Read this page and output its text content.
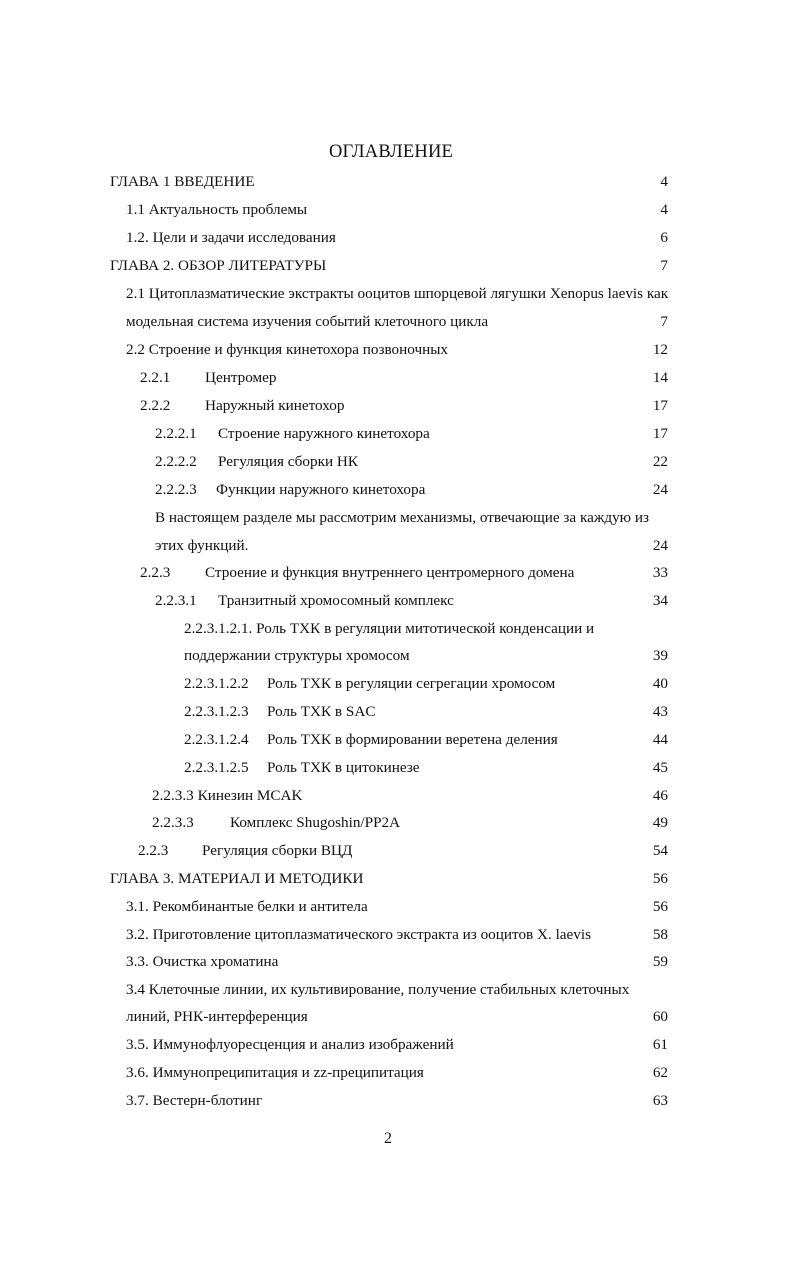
ОГЛАВЛЕНИЕ
ГЛАВА 1 ВВЕДЕНИЕ	4
1.1 Актуальность проблемы	4
1.2. Цели и задачи исследования	6
ГЛАВА 2. ОБЗОР ЛИТЕРАТУРЫ	7
2.1 Цитоплазматические экстракты ооцитов шпорцевой лягушки Xenopus laevis как
модельная система изучения событий клеточного цикла	7
2.2 Строение и функция кинетохора позвоночных	12
2.2.1 Центромер	14
2.2.2 Наружный кинетохор	17
2.2.2.1 Строение наружного кинетохора	17
2.2.2.2 Регуляция сборки НК	22
2.2.2.3 Функции наружного кинетохора	24
В настоящем разделе мы рассмотрим механизмы, отвечающие за каждую из
этих функций.	24
2.2.3 Строение и функция внутреннего центромерного домена	33
2.2.3.1 Транзитный хромосомный комплекс	34
2.2.3.1.2.1. Роль ТХК в регуляции митотической конденсации и
поддержании структуры хромосом	39
2.2.3.1.2.2 Роль ТХК в регуляции сегрегации хромосом	40
2.2.3.1.2.3 Роль ТХК в SAC	43
2.2.3.1.2.4 Роль ТХК в формировании веретена деления	44
2.2.3.1.2.5 Роль ТХК в цитокинезе	45
2.2.3.3 Кинезин MCAK	46
2.2.3.3 Комплекс Shugoshin/PP2A	49
2.2.3 Регуляция сборки ВЦД	54
ГЛАВА 3. МАТЕРИАЛ И МЕТОДИКИ	56
3.1. Рекомбинантые белки и антитела	56
3.2. Приготовление цитоплазматического экстракта из ооцитов X. laevis	58
3.3. Очистка хроматина	59
3.4 Клеточные линии, их культивирование, получение стабильных клеточных
линий, РНК-интерференция	60
3.5. Иммунофлуоресценция и анализ изображений	61
3.6. Иммунопреципитация и zz-преципитация	62
3.7. Вестерн-блотинг	63
2
